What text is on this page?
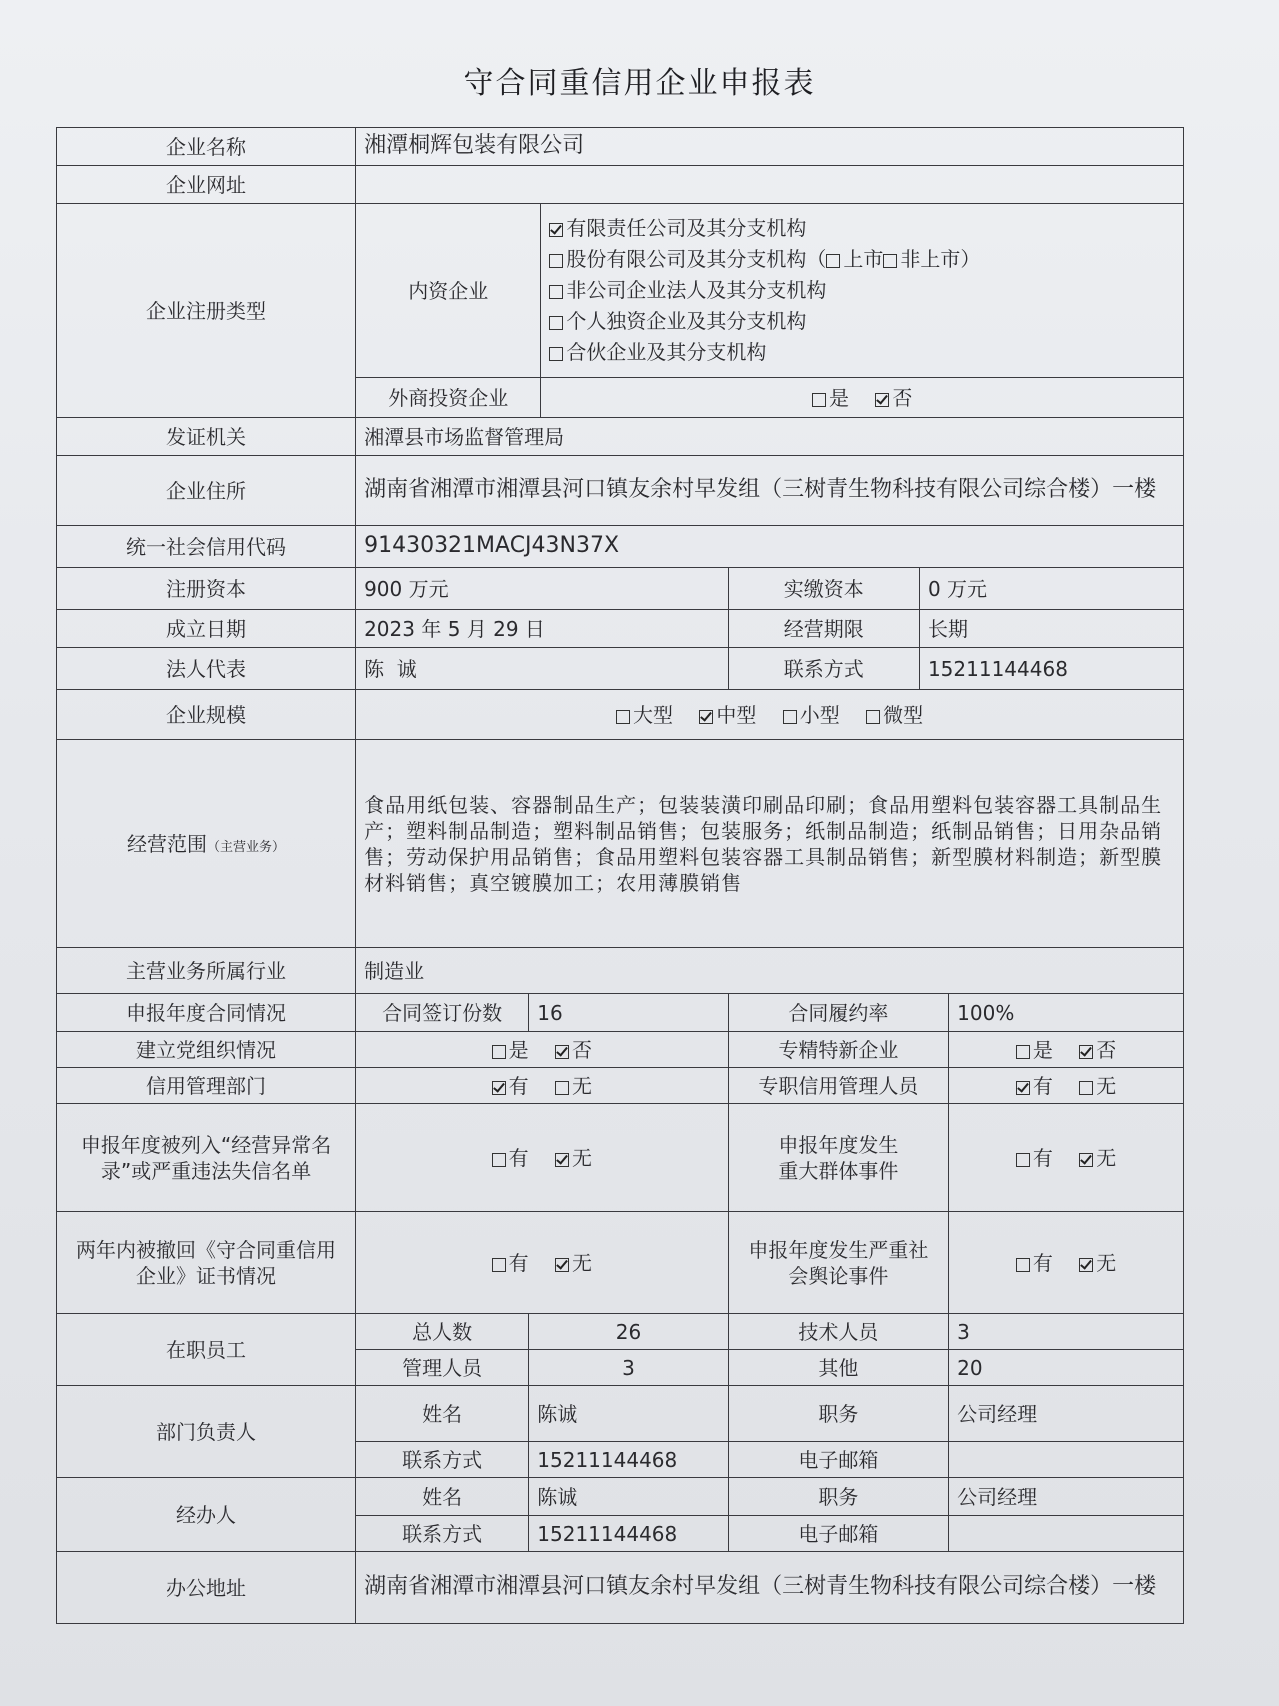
守合同重信用企业申报表
企业名称	湘潭桐辉包装有限公司					
企业网址						
企业注册类型	内资企业		有限责任公司及其分支机构
股份有限公司及其分支机构（ 上市 非上市）
非公司企业法人及其分支机构
个人独资企业及其分支机构
合伙企业及其分支机构			

	外商投资企业		是 否			
发证机关	湘潭县市场监督管理局					
企业住所	湖南省湘潭市湘潭县河口镇友余村早发组（三树青生物科技有限公司综合楼）一楼					
统一社会信用代码	91430321MACJ43N37X					
注册资本	900 万元			实缴资本	0 万元	
成立日期	2023 年 5 月 29 日			经营期限	长期	
法人代表	陈  诚			联系方式	15211144468	
企业规模	大型 中型 小型 微型					
经营范围（主营业务）	食品用纸包装、容器制品生产；包装装潢印刷品印刷；食品用塑料包装容器工具制品生产；塑料制品制造；塑料制品销售；包装服务；纸制品制造；纸制品销售；日用杂品销售；劳动保护用品销售；食品用塑料包装容器工具制品销售；新型膜材料制造；新型膜材料销售；真空镀膜加工；农用薄膜销售					
主营业务所属行业	制造业					
申报年度合同情况	合同签订份数	16		合同履约率		100%
建立党组织情况	是 否			专精特新企业		是 否
信用管理部门	有 无			专职信用管理人员		有 无
申报年度被列入“经营异常名录”或严重违法失信名单	有 无			申报年度发生重大群体事件		有 无
两年内被撤回《守合同重信用企业》证书情况	有 无			申报年度发生严重社会舆论事件		有 无
在职员工	总人数	26		技术人员		3
	管理人员	3		其他		20
部门负责人	姓名	陈诚		职务		公司经理
	联系方式	15211144468		电子邮箱		
经办人	姓名	陈诚		职务		公司经理
	联系方式	15211144468		电子邮箱		
办公地址	湖南省湘潭市湘潭县河口镇友余村早发组（三树青生物科技有限公司综合楼）一楼					
